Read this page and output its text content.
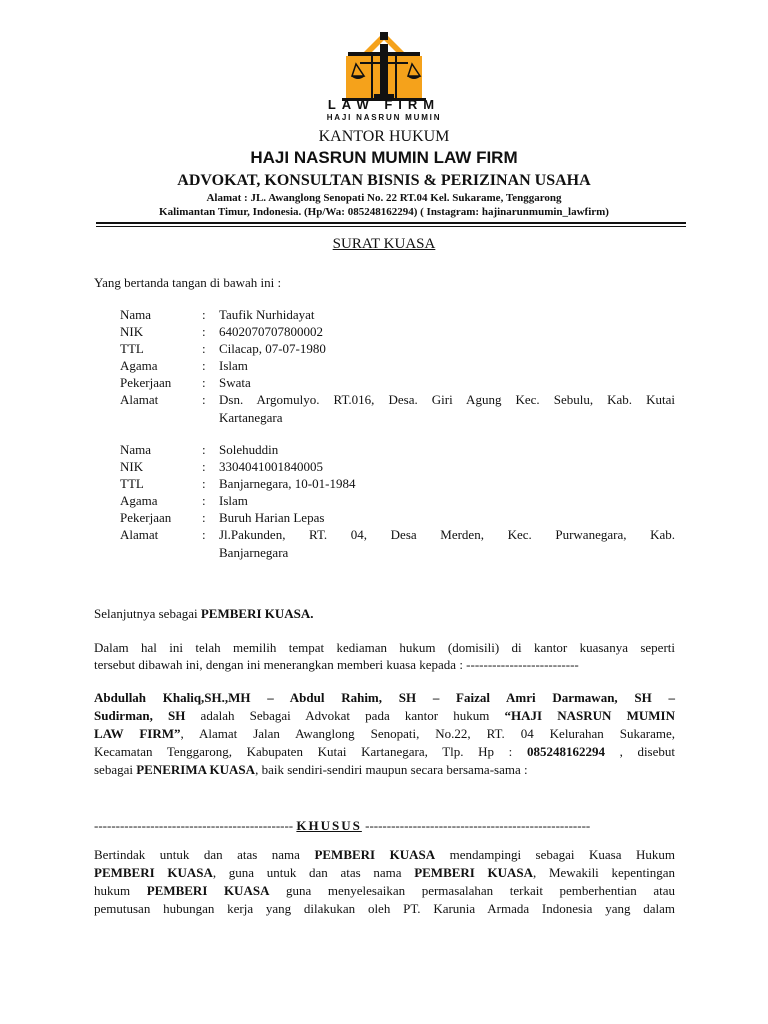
LAW FIRM
HAJI NASRUN MUMIN
KANTOR HUKUM
HAJI NASRUN MUMIN LAW FIRM
ADVOKAT, KONSULTAN BISNIS & PERIZINAN USAHA
Alamat : JL. Awanglong Senopati No. 22 RT.04 Kel. Sukarame, Tenggarong
Kalimantan Timur, Indonesia. (Hp/Wa: 085248162294) ( Instagram: hajinarunmumin_lawfirm)
SURAT KUASA
Yang bertanda tangan di bawah ini :
Nama	: Taufik Nurhidayat
NIK	: 6402070707800002
TTL	: Cilacap, 07-07-1980
Agama	: Islam
Pekerjaan : Swata
Alamat	: Dsn. Argomulyo. RT.016, Desa. Giri Agung Kec. Sebulu, Kab. Kutai
Kartanegara
Nama	: Solehuddin
NIK	: 3304041001840005
TTL	: Banjarnegara, 10-01-1984
Agama	: Islam
Pekerjaan : Buruh Harian Lepas
Alamat	: Jl.Pakunden, RT. 04, Desa Merden, Kec. Purwanegara, Kab.
Banjarnegara
Selanjutnya sebagai PEMBERI KUASA.
Dalam hal ini telah memilih tempat kediaman hukum (domisili) di kantor kuasanya seperti
tersebut dibawah ini, dengan ini menerangkan memberi kuasa kepada : --------------------------
Abdullah Khaliq,SH.,MH – Abdul Rahim, SH – Faizal Amri Darmawan, SH –
Sudirman, SH adalah Sebagai Advokat pada kantor hukum “HAJI NASRUN MUMIN
LAW FIRM”, Alamat Jalan Awanglong Senopati, No.22, RT. 04 Kelurahan Sukarame,
Kecamatan Tenggarong, Kabupaten Kutai Kartanegara, Tlp. Hp : 085248162294 , disebut
sebagai PENERIMA KUASA, baik sendiri-sendiri maupun secara bersama-sama :
---------------------------------------------- KHUSUS ----------------------------------------------------
Bertindak untuk dan atas nama PEMBERI KUASA mendampingi sebagai Kuasa Hukum
PEMBERI KUASA, guna untuk dan atas nama PEMBERI KUASA, Mewakili kepentingan
hukum PEMBERI KUASA guna menyelesaikan permasalahan terkait pemberhentian atau
pemutusan hubungan kerja yang dilakukan oleh PT. Karunia Armada Indonesia yang dalam
